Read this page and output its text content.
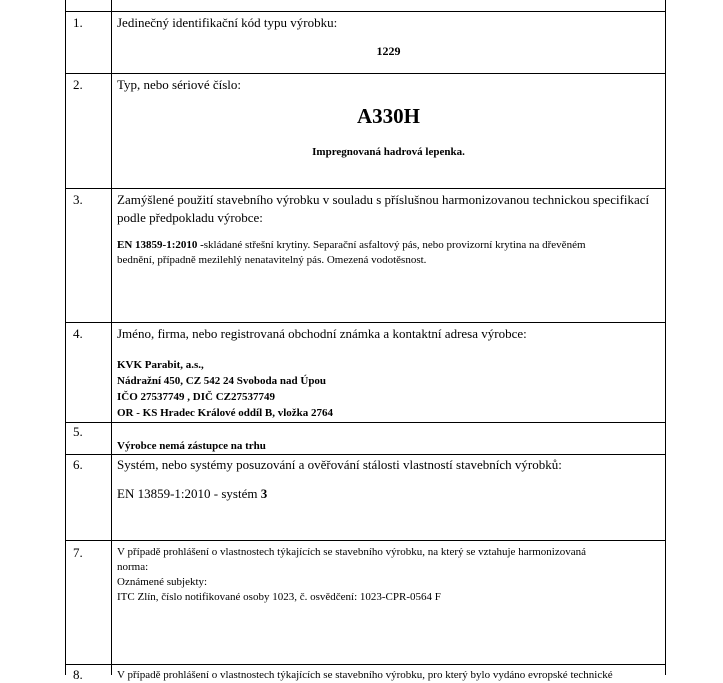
1.	Jedinečný identifikační kód typu výrobku:
1229
2.	Typ, nebo sériové číslo:
A330H
Impregnovaná hadrová lepenka.
3.	Zamýšlené použití stavebního výrobku v souladu s příslušnou harmonizovanou technickou specifikací
podle předpokladu výrobce:
EN 13859-1:2010 -skládané střešní krytiny. Separační asfaltový pás, nebo provizorní krytina na dřevěném
bednění, případně mezilehlý nenatavitelný pás. Omezená vodotěsnost.
4.	Jméno, firma, nebo registrovaná obchodní známka a kontaktní adresa výrobce:
KVK Parabit, a.s.,
Nádražní 450, CZ 542 24 Svoboda nad Úpou
IČO 27537749 , DIČ CZ27537749
OR - KS Hradec Králové oddíl B, vložka 2764
5.
Výrobce nemá zástupce na trhu
6.	Systém, nebo systémy posuzování a ověřování stálosti vlastností stavebních výrobků:
EN 13859-1:2010 - systém 3
7.	V případě prohlášení o vlastnostech týkajících se stavebního výrobku, na který se vztahuje harmonizovaná
norma:
Oznámené subjekty:
ITC Zlín, číslo notifikované osoby 1023, č. osvědčení: 1023-CPR-0564 F
8.	V případě prohlášení o vlastnostech týkajících se stavebního výrobku, pro který bylo vydáno evropské technické
